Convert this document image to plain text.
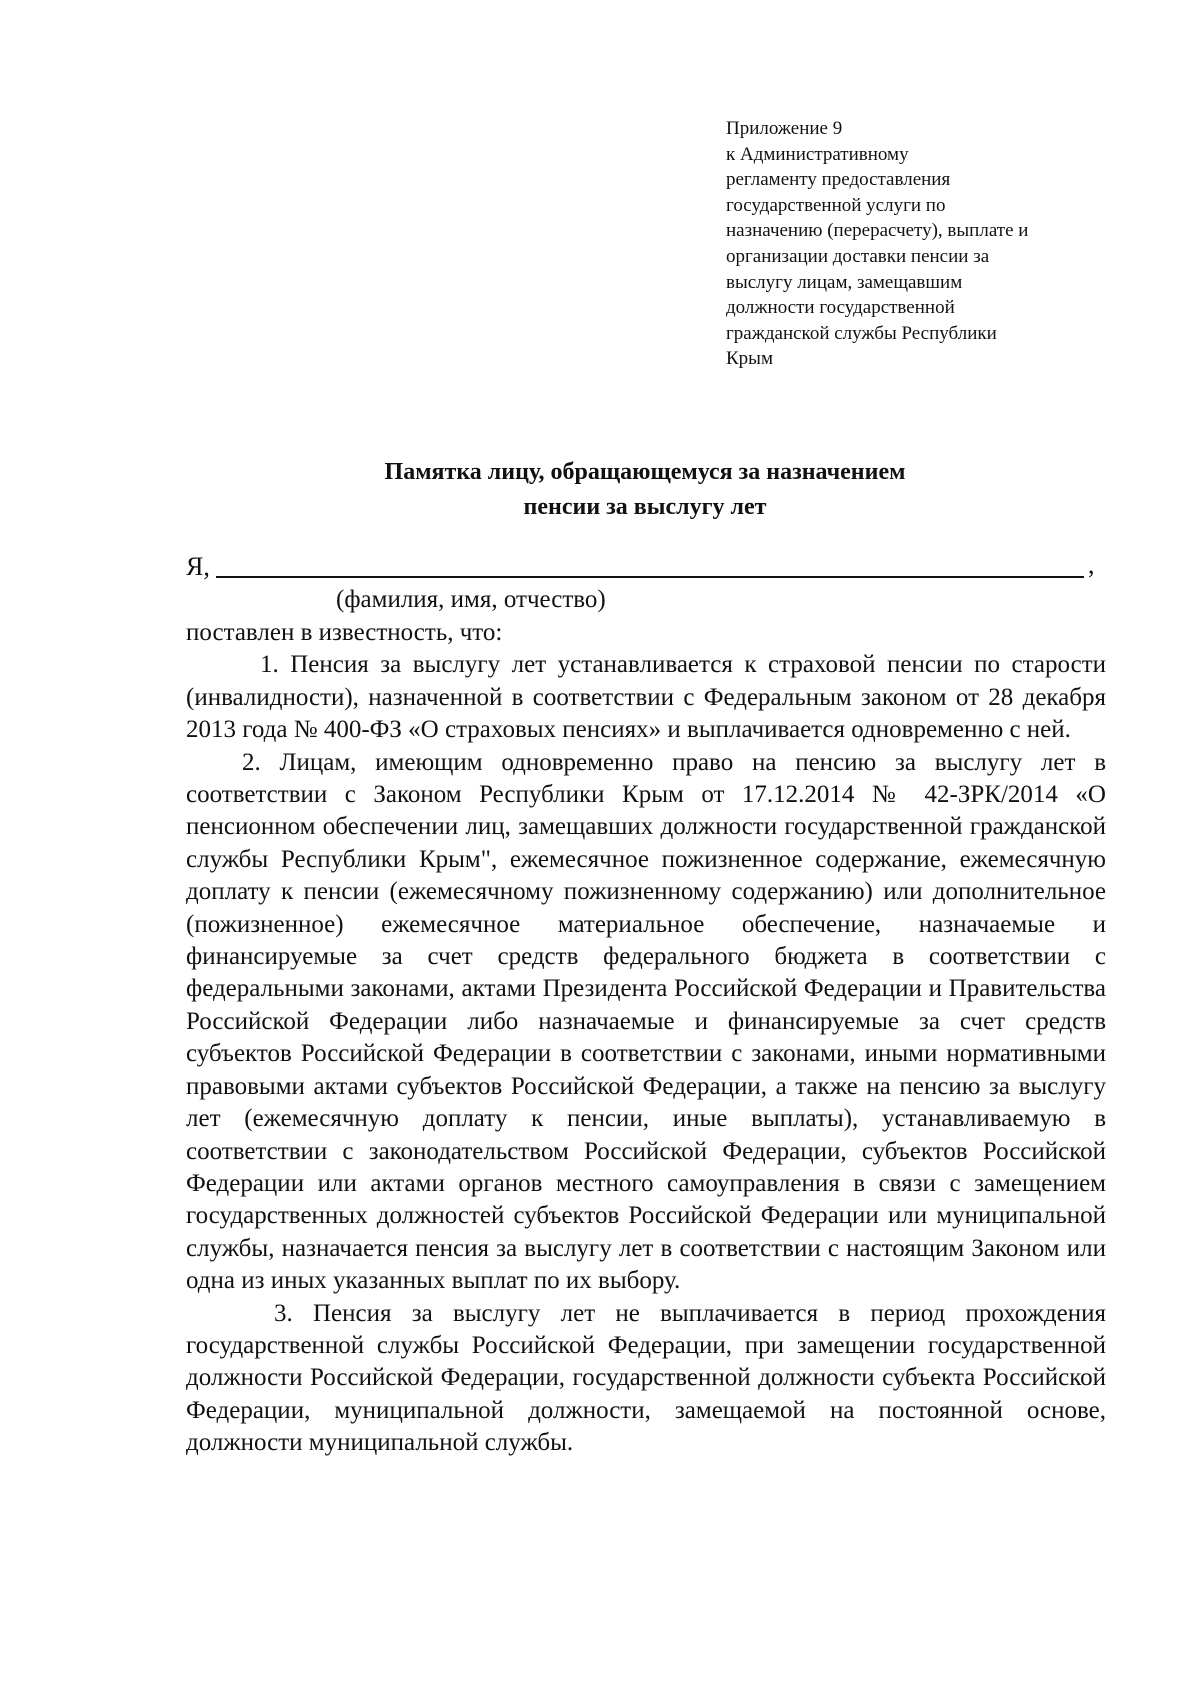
Приложение 9
к Административному
регламенту предоставления
государственной услуги по
назначению (перерасчету), выплате и
организации доставки пенсии за
выслугу лицам, замещавшим
должности государственной
гражданской службы Республики
Крым
Памятка лицу, обращающемуся за назначением
пенсии за выслугу лет
Я,	,
(фамилия, имя, отчество)

поставлен в известность, что:

1. Пенсия за выслугу лет устанавливается к страховой пенсии по старости (инвалидности), назначенной в соответствии с Федеральным законом от 28 декабря 2013 года № 400-ФЗ «О страховых пенсиях» и выплачивается одновременно с ней.

2. Лицам, имеющим одновременно право на пенсию за выслугу лет в соответствии с Законом Республики Крым от 17.12.2014 № 42-ЗРК/2014 «О пенсионном обеспечении лиц, замещавших должности государственной гражданской службы Республики Крым", ежемесячное пожизненное содержание, ежемесячную доплату к пенсии (ежемесячному пожизненному содержанию) или дополнительное (пожизненное) ежемесячное материальное обеспечение, назначаемые и финансируемые за счет средств федерального бюджета в соответствии с федеральными законами, актами Президента Российской Федерации и Правительства Российской Федерации либо назначаемые и финансируемые за счет средств субъектов Российской Федерации в соответствии с законами, иными нормативными правовыми актами субъектов Российской Федерации, а также на пенсию за выслугу лет (ежемесячную доплату к пенсии, иные выплаты), устанавливаемую в соответствии с законодательством Российской Федерации, субъектов Российской Федерации или актами органов местного самоуправления в связи с замещением государственных должностей субъектов Российской Федерации или муниципальной службы, назначается пенсия за выслугу лет в соответствии с настоящим Законом или одна из иных указанных выплат по их выбору.

3. Пенсия за выслугу лет не выплачивается в период прохождения государственной службы Российской Федерации, при замещении государственной должности Российской Федерации, государственной должности субъекта Российской Федерации, муниципальной должности, замещаемой на постоянной основе, должности муниципальной службы.
